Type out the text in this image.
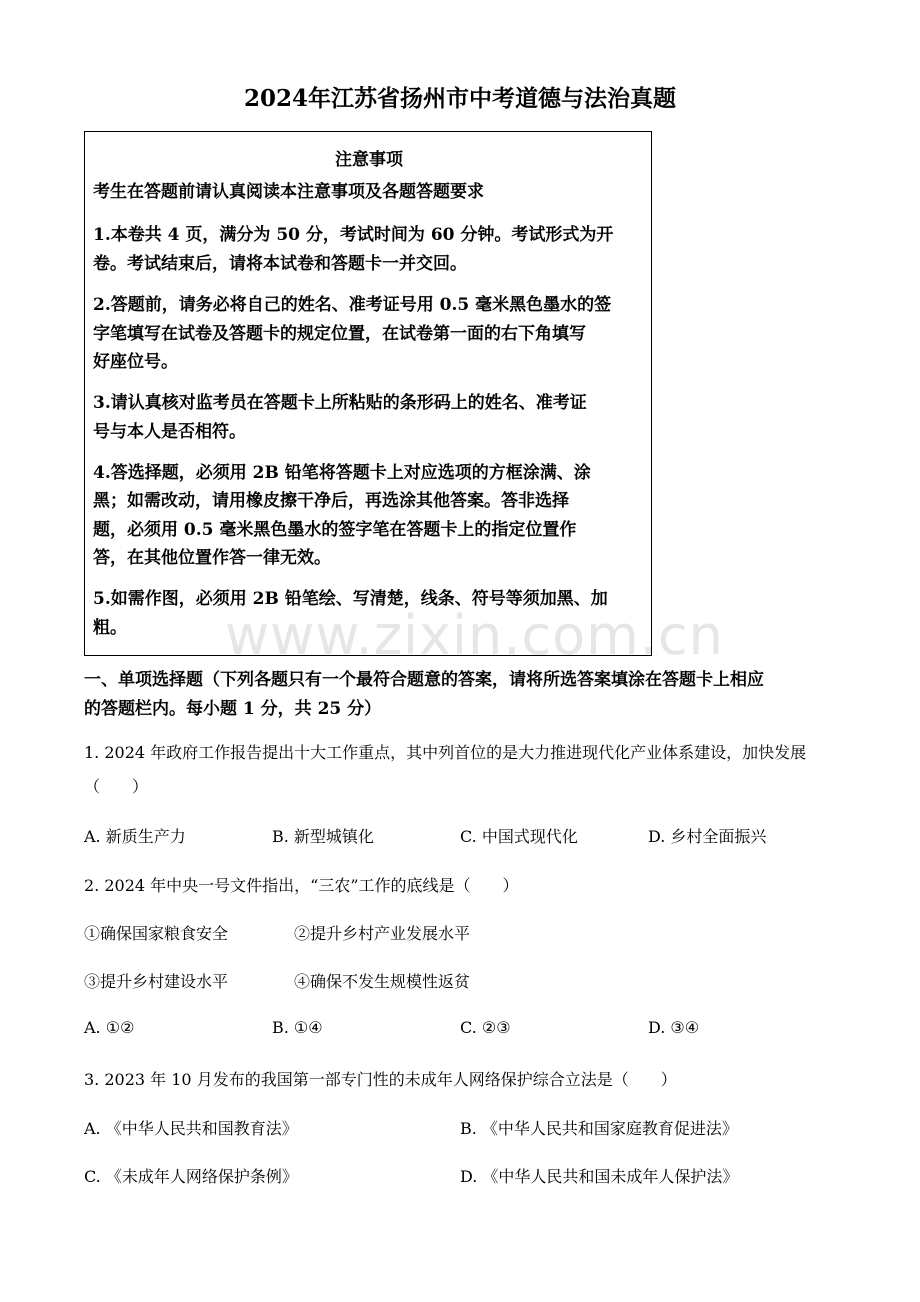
www.zixin.com.cn
2024年江苏省扬州市中考道德与法治真题
注意事项
考生在答题前请认真阅读本注意事项及各题答题要求
1.本卷共 4 页，满分为 50 分，考试时间为 60 分钟。考试形式为开
卷。考试结束后，请将本试卷和答题卡一并交回。
2.答题前，请务必将自己的姓名、准考证号用 0.5 毫米黑色墨水的签
字笔填写在试卷及答题卡的规定位置，在试卷第一面的右下角填写
好座位号。
3.请认真核对监考员在答题卡上所粘贴的条形码上的姓名、准考证
号与本人是否相符。
4.答选择题，必须用 2B 铅笔将答题卡上对应选项的方框涂满、涂
黑；如需改动，请用橡皮擦干净后，再选涂其他答案。答非选择
题，必须用 0.5 毫米黑色墨水的签字笔在答题卡上的指定位置作
答，在其他位置作答一律无效。
5.如需作图，必须用 2B 铅笔绘、写清楚，线条、符号等须加黑、加
粗。
一、单项选择题（下列各题只有一个最符合题意的答案，请将所选答案填涂在答题卡上相应
的答题栏内。每小题 1 分，共 25 分）
1. 2024 年政府工作报告提出十大工作重点，其中列首位的是大力推进现代化产业体系建设，加快发展
（　　）
A. 新质生产力	B. 新型城镇化	C. 中国式现代化	D. 乡村全面振兴
2. 2024 年中央一号文件指出，“三农”工作的底线是（　　）
①确保国家粮食安全	②提升乡村产业发展水平
③提升乡村建设水平	④确保不发生规模性返贫
A. ①②	B. ①④	C. ②③	D. ③④
3. 2023 年 10 月发布的我国第一部专门性的未成年人网络保护综合立法是（　　）
A. 《中华人民共和国教育法》	B. 《中华人民共和国家庭教育促进法》
C. 《未成年人网络保护条例》	D. 《中华人民共和国未成年人保护法》
